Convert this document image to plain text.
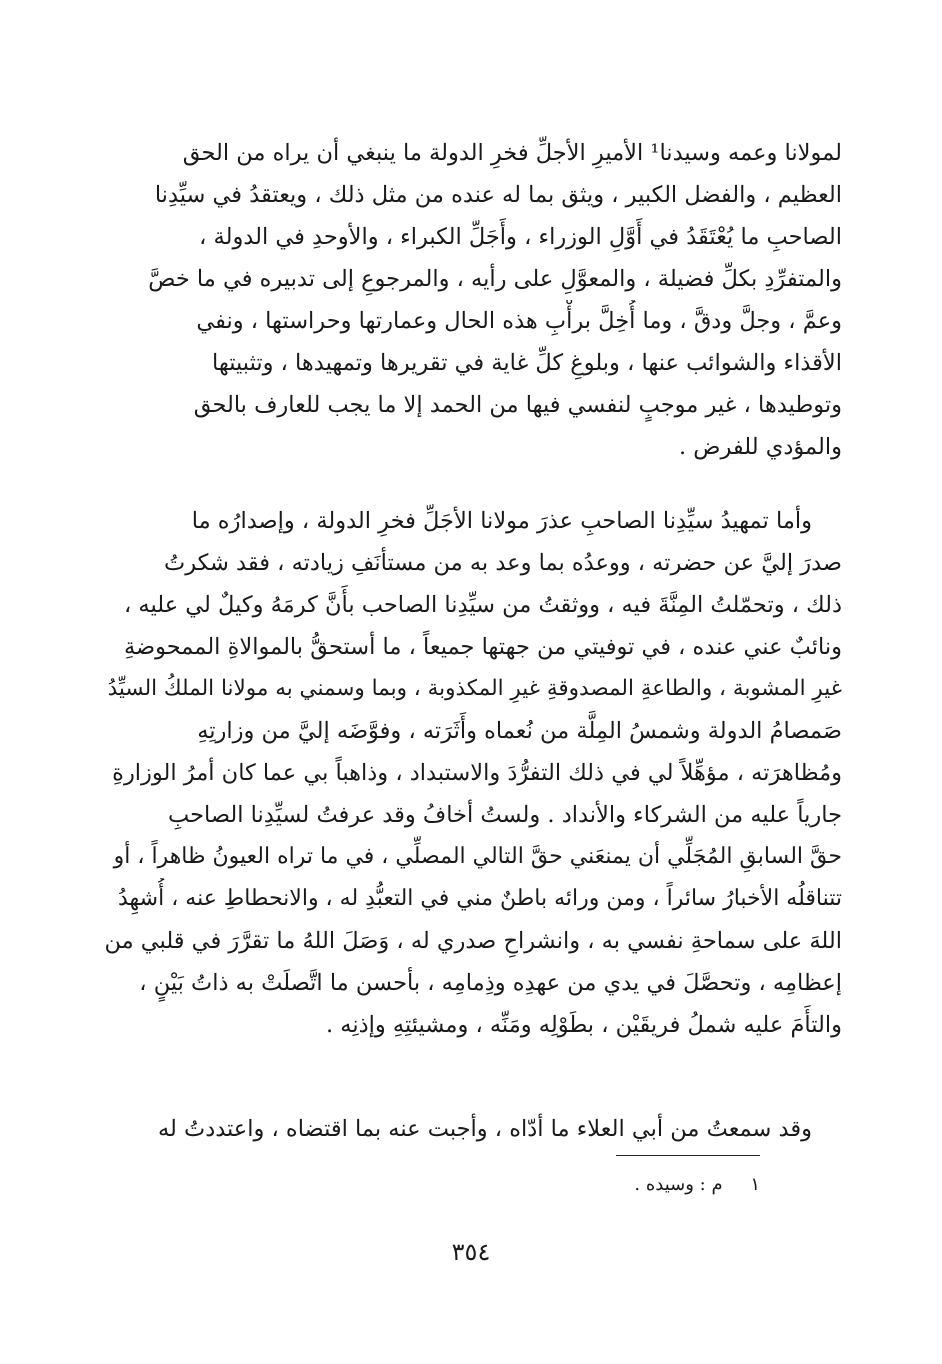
لمولانا وعمه وسيدنا¹ الأميرِ الأجلِّ فخرِ الدولة ما ينبغي أن يراه من الحق
العظيم ، والفضل الكبير ، ويثق بما له عنده من مثل ذلك ، ويعتقدُ في سيِّدِنا
الصاحبِ ما يُعْتَقَدُ في أَوَّلِ الوزراء ، وأَجَلِّ الكبراء ، والأوحدِ في الدولة ،
والمتفرِّدِ بكلِّ فضيلة ، والمعوَّلِ على رأيه ، والمرجوعِ إلى تدبيره في ما خصَّ
وعمَّ ، وجلَّ ودقَّ ، وما أُخِلَّ برأْبِ هذه الحال وعمارتها وحراستها ، ونفي
الأقذاء والشوائب عنها ، وبلوغِ كلِّ غاية في تقريرها وتمهيدها ، وتثبيتها
وتوطيدها ، غير موجبٍ لنفسي فيها من الحمد إلا ما يجب للعارف بالحق
والمؤدي للفرض .
وأما تمهيدُ سيِّدِنا الصاحبِ عذرَ مولانا الأجَلِّ فخرِ الدولة ، وإصدارُه ما
صدرَ إليَّ عن حضرته ، ووعدُه بما وعد به من مستأنَفِ زيادته ، فقد شكرتُ
ذلك ، وتحمّلتُ المِنَّةَ فيه ، ووثقتُ من سيِّدِنا الصاحب بأَنَّ كرمَهُ وكيلٌ لي عليه ،
ونائبٌ عني عنده ، في توفيتي من جهتها جميعاً ، ما أستحقُّ بالموالاةِ الممحوضةِ
غيرِ المشوبة ، والطاعةِ المصدوقةِ غيرِ المكذوبة ، وبما وسمني به مولانا الملكُ السيِّدُ
صَمصامُ الدولة وشمسُ المِلَّة من نُعماه وأَثَرَته ، وفوَّضَه إليَّ من وزارتِهِ
ومُظاهرَته ، مؤهِّلاً لي في ذلك التفرُّدَ والاستبداد ، وذاهباً بي عما كان أمرُ الوزارةِ
جارياً عليه من الشركاء والأنداد . ولستُ أخافُ وقد عرفتُ لسيِّدِنا الصاحبِ
حقَّ السابقِ المُجَلِّي أن يمنعَني حقَّ التالي المصلِّي ، في ما تراه العيونُ ظاهراً ، أو
تتناقلُه الأخبارُ سائراً ، ومن ورائه باطنٌ مني في التعبُّدِ له ، والانحطاطِ عنه ، أُشهِدُ
اللهَ على سماحةِ نفسي به ، وانشراحِ صدري له ، وَصَلَ اللهُ ما تقرَّرَ في قلبي من
إعظامِه ، وتحصَّلَ في يدي من عهدِه وذِمامِه ، بأحسن ما اتَّصلَتْ به ذاتُ بَيْنٍ ،
والتأَمَ عليه شملُ فريقَيْن ، بطَوْلِه ومَنِّه ، ومشيئتِهِ وإذنِه .
وقد سمعتُ من أبي العلاء ما أدّاه ، وأجبت عنه بما اقتضاه ، واعتددتُ له
١ م : وسيده .
٣٥٤
